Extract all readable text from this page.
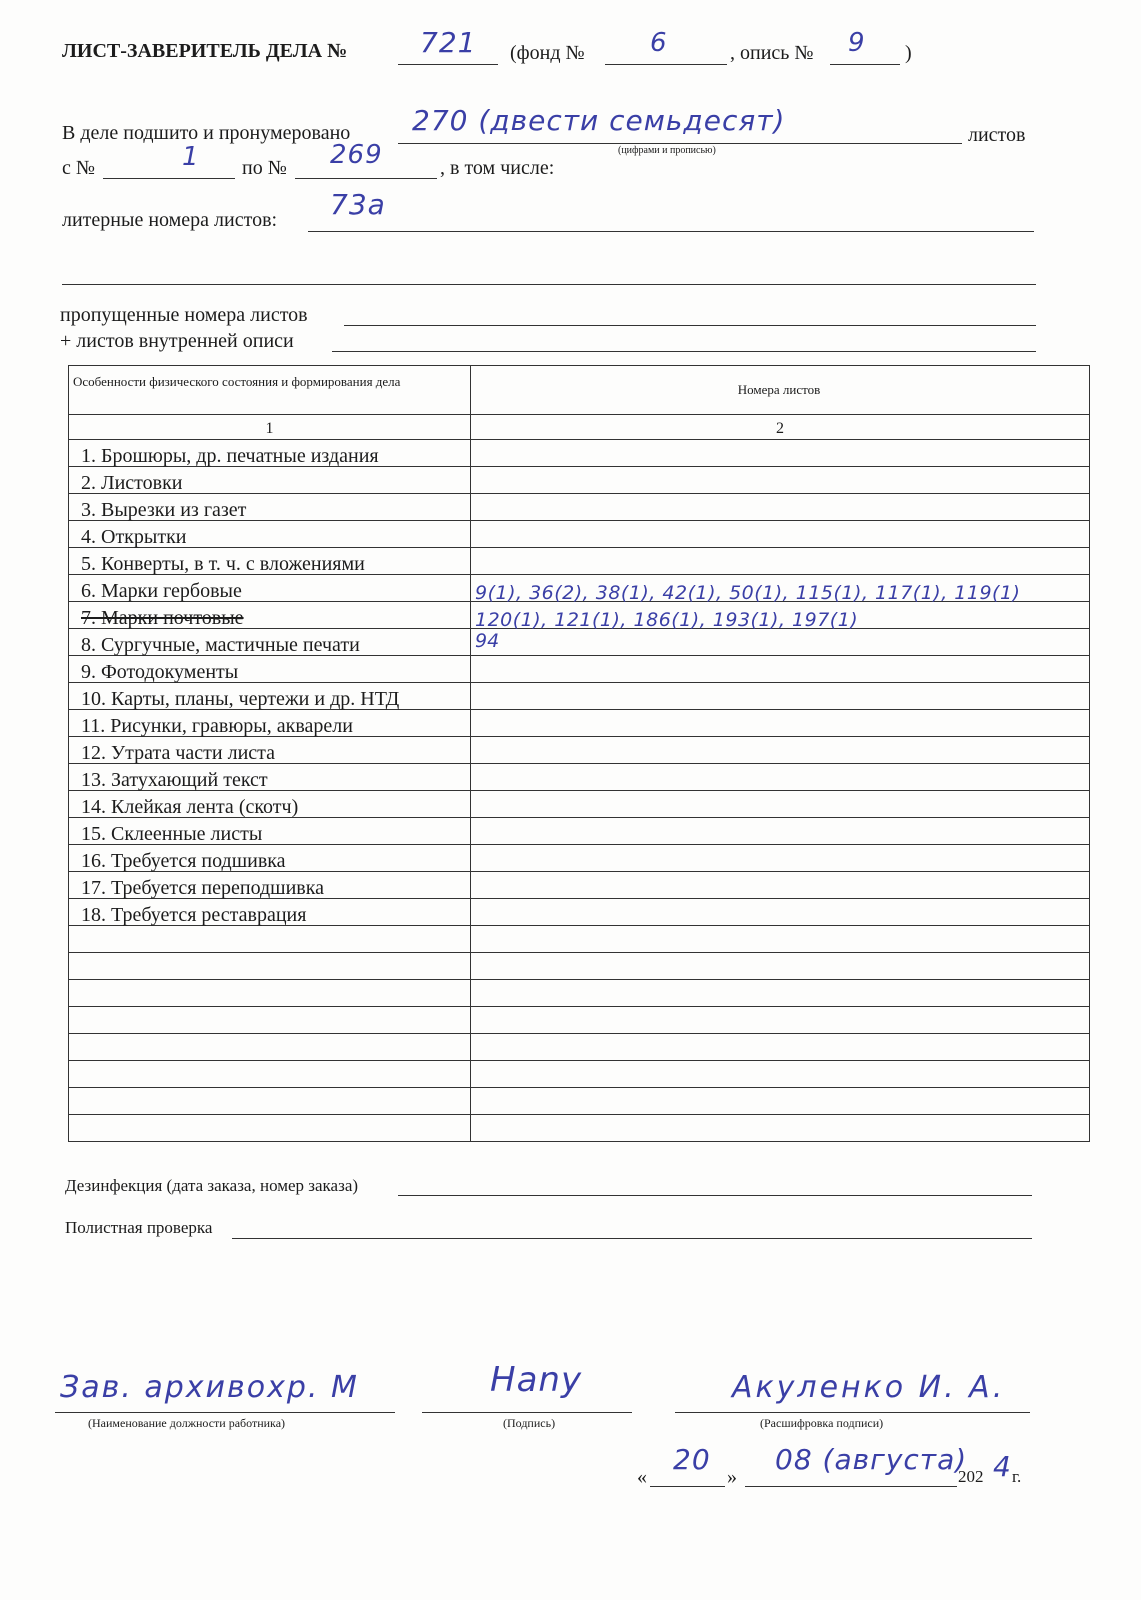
ЛИСТ-ЗАВЕРИТЕЛЬ ДЕЛА №	721 (фонд №	6	, опись № 9 )
В деле подшито и пронумеровано 270 (двести семьдесят)	листов
(цифрами и прописью)
с №	1 по № 269	, в том числе:
литерные номера листов: 73а
пропущенные номера листов
+ листов внутренней описи
Особенности физического состояния и формирования дела	Номера листов
1	2
1. Брошюры, др. печатные издания	
2. Листовки	
3. Вырезки из газет	
4. Открытки	
5. Конверты, в т. ч. с вложениями	
6. Марки гербовые	9(1), 36(2), 38(1), 42(1), 50(1), 115(1), 117(1), 119(1)
7. Марки почтовые	120(1), 121(1), 186(1), 193(1), 197(1)
8. Сургучные, мастичные печати	94
9. Фотодокументы	
10. Карты, планы, чертежи и др. НТД	
11. Рисунки, гравюры, акварели	
12. Утрата части листа	
13. Затухающий текст	
14. Клейкая лента (скотч)	
15. Склеенные листы	
16. Требуется подшивка	
17. Требуется переподшивка	
18. Требуется реставрация	

Дезинфекция (дата заказа, номер заказа)
Полистная проверка
Зав. архивохр. М
(Наименование должности работника)
Hany
(Подпись)
Акуленко И. А.
(Расшифровка подписи)
«
20
»
08 (августа)
202 4 г.
